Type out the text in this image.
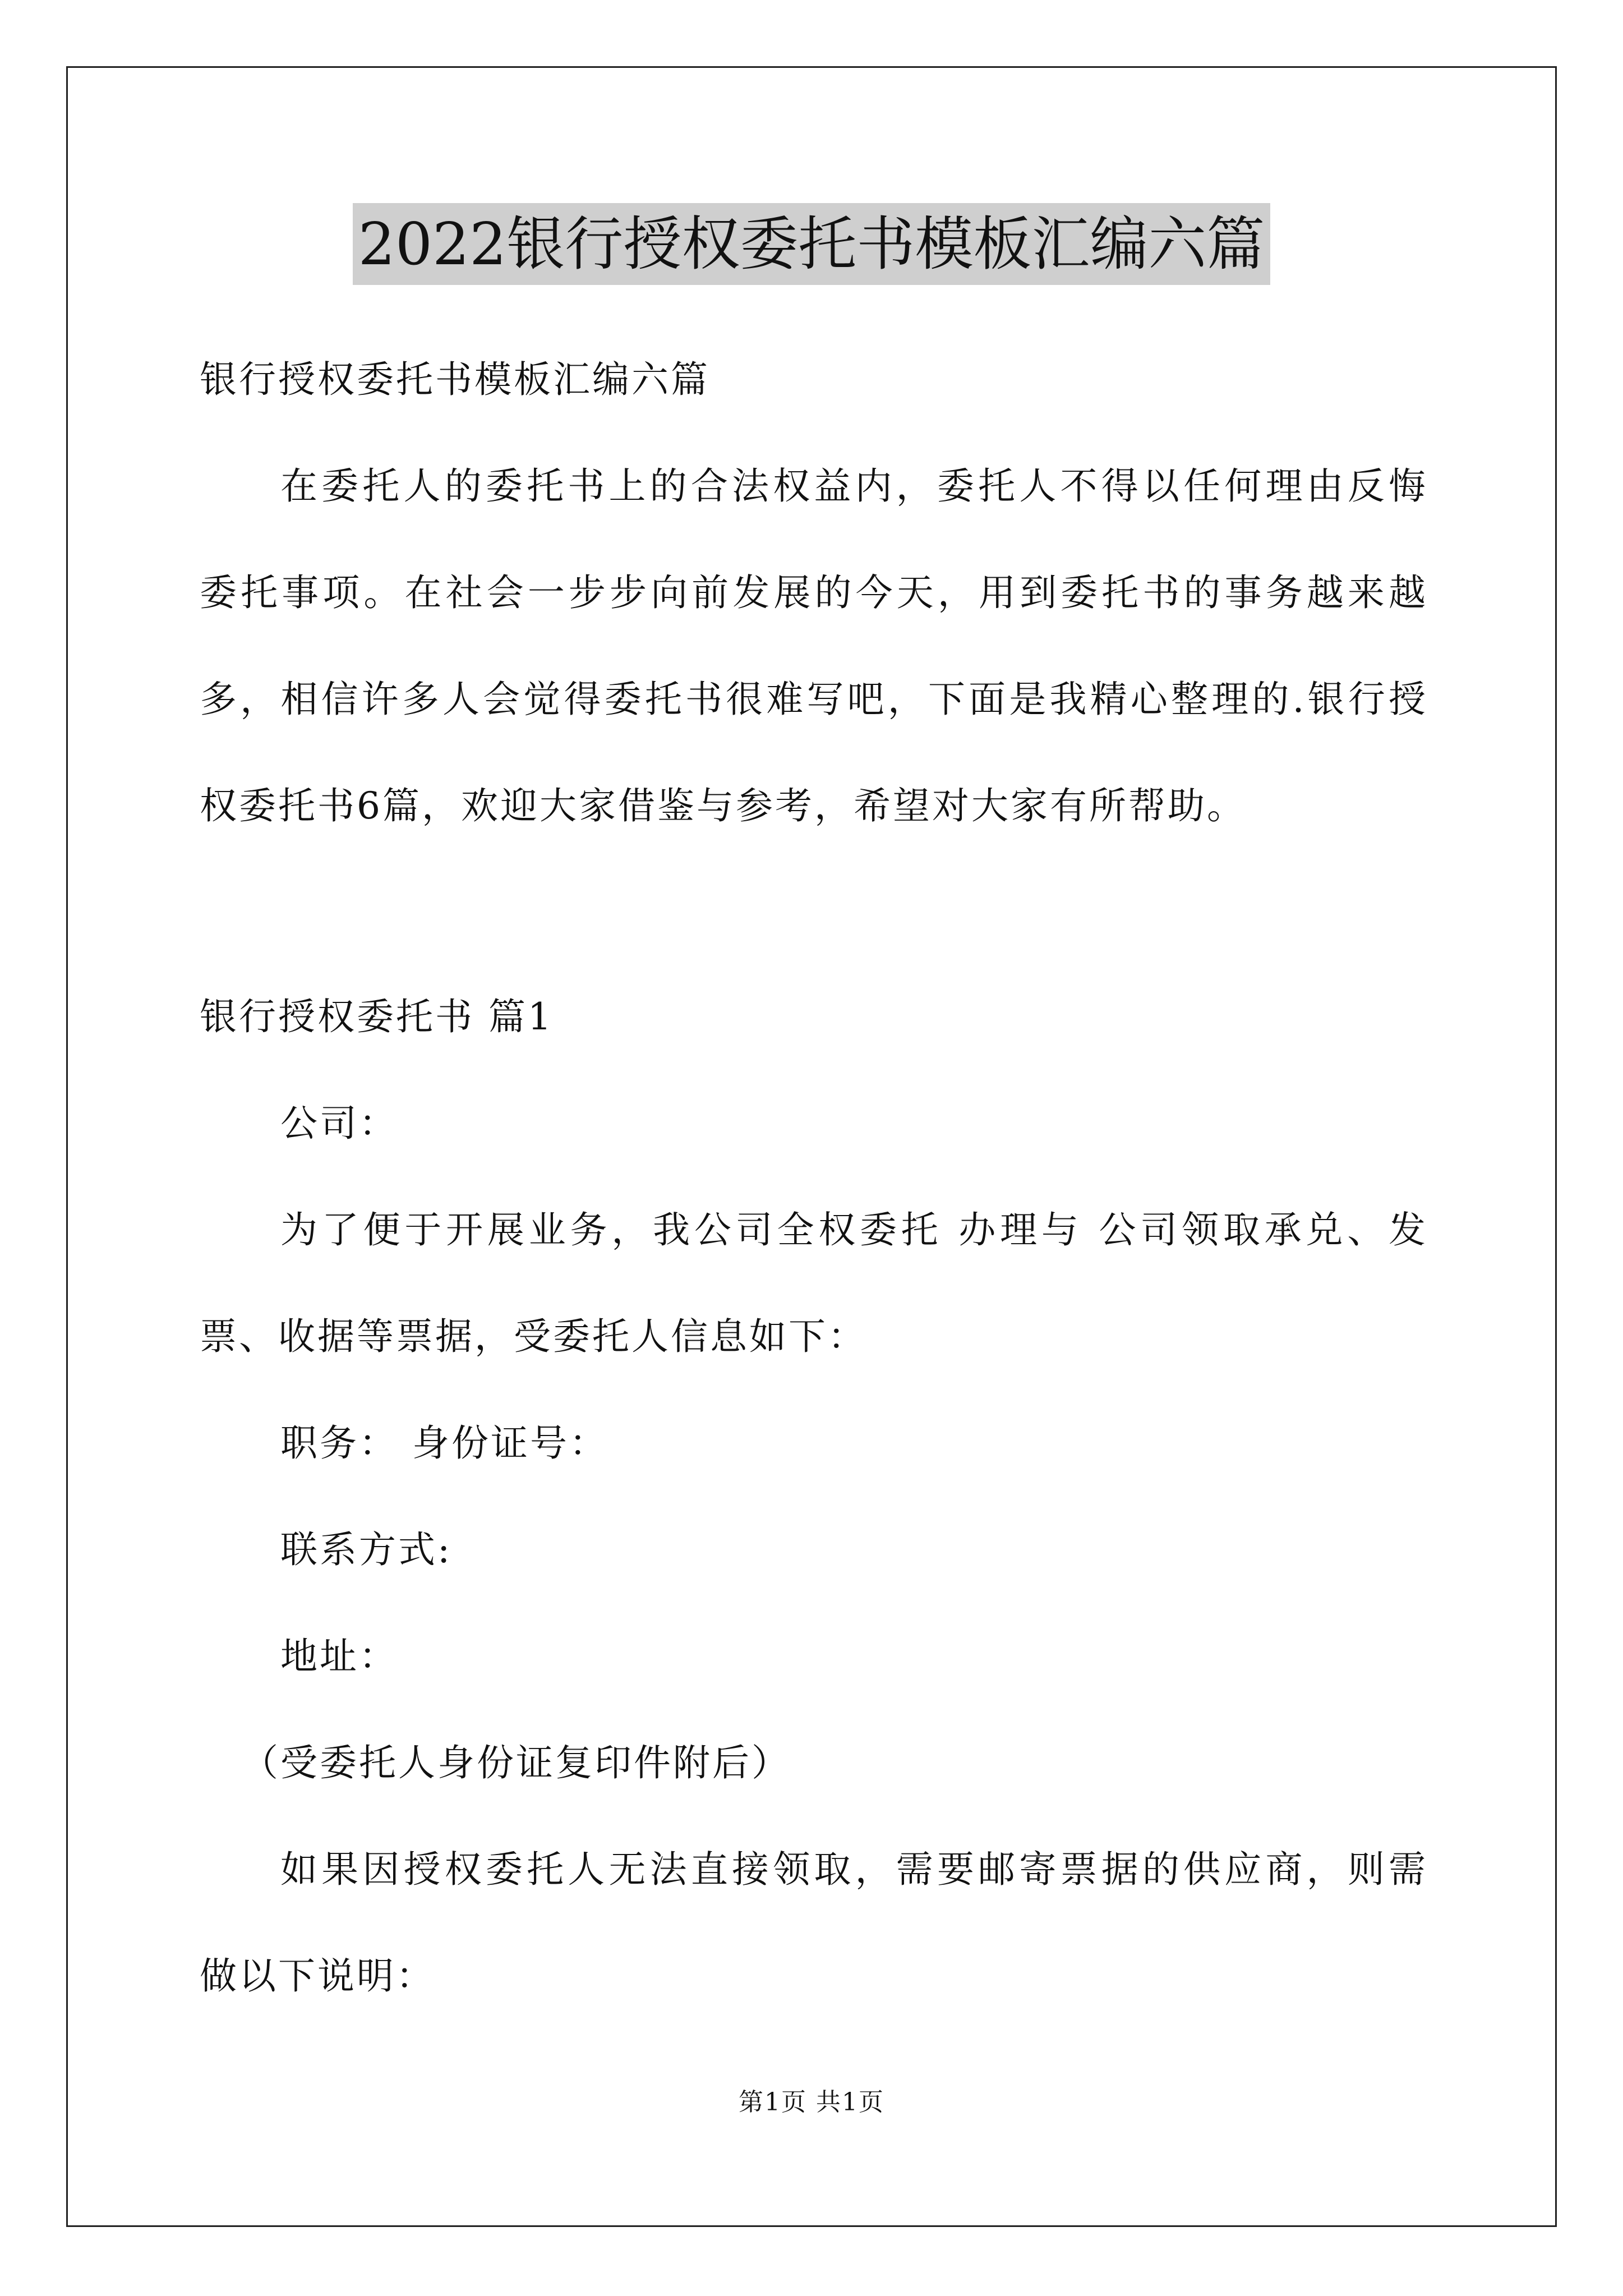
2022银行授权委托书模板汇编六篇
银行授权委托书模板汇编六篇
在委托人的委托书上的合法权益内，委托人不得以任何理由反悔
委托事项。在社会一步步向前发展的今天，用到委托书的事务越来越
多，相信许多人会觉得委托书很难写吧，下面是我精心整理的.银行授
权委托书6篇，欢迎大家借鉴与参考，希望对大家有所帮助。
银行授权委托书 篇1
公司：
为了便于开展业务，我公司全权委托 办理与 公司领取承兑、发
票、收据等票据，受委托人信息如下：
职务： 身份证号：
联系方式:
地址：
（受委托人身份证复印件附后）
如果因授权委托人无法直接领取，需要邮寄票据的供应商，则需
做以下说明：
第1页 共1页
